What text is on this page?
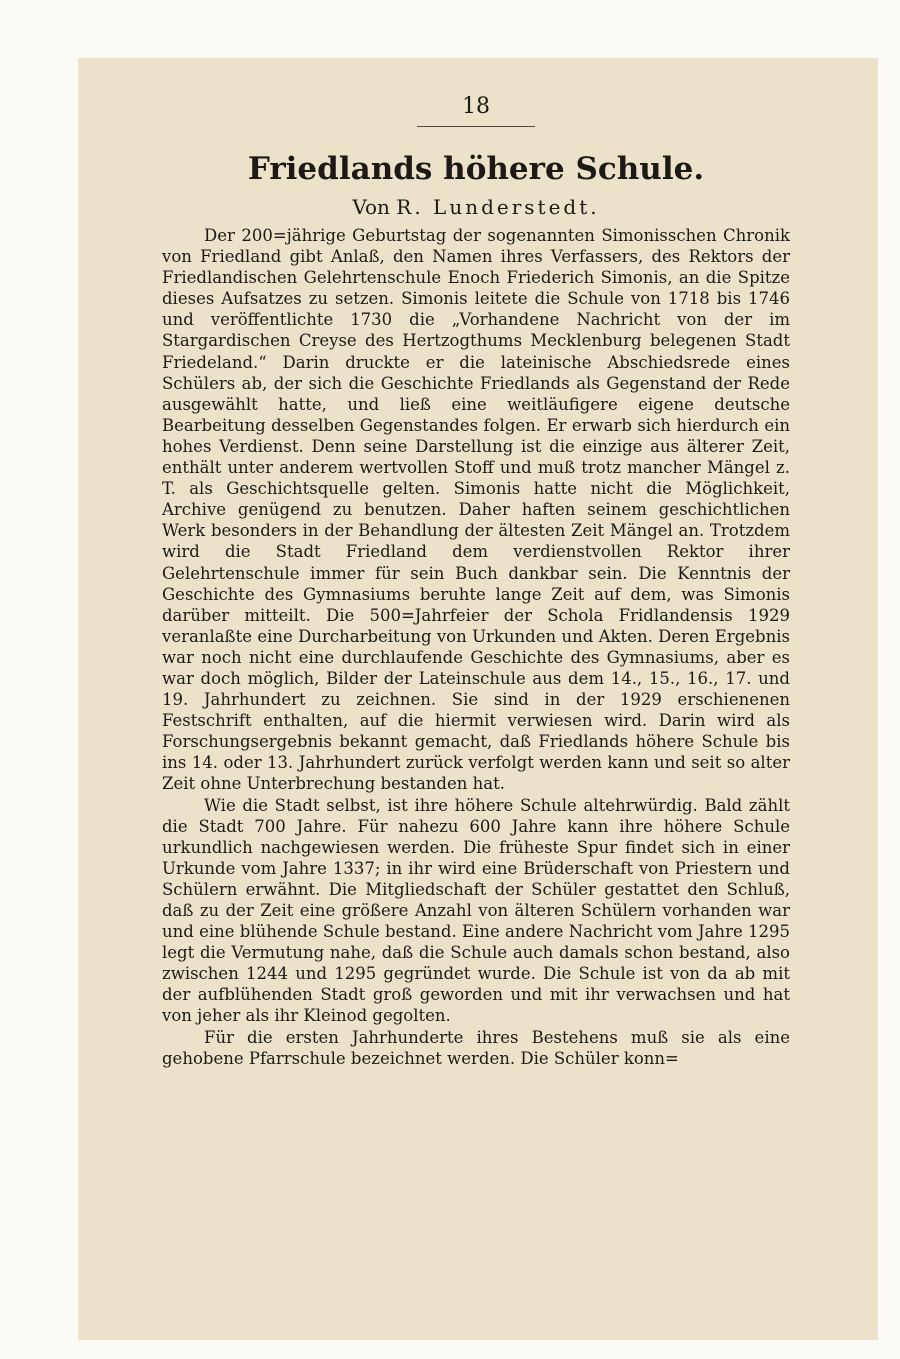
18

Friedlands höhere Schule.

Von R. Lunderstedt.

Der 200=jährige Geburtstag der sogenannten Simonisschen Chronik von Friedland gibt Anlaß, den Namen ihres Verfassers, des Rektors der Friedlandischen Gelehrtenschule Enoch Friederich Simonis, an die Spitze dieses Aufsatzes zu setzen. Simonis leitete die Schule von 1718 bis 1746 und veröffentlichte 1730 die „Vorhandene Nachricht von der im Stargardischen Creyse des Hertzogthums Mecklenburg belegenen Stadt Friedeland.“ Darin druckte er die lateinische Abschiedsrede eines Schülers ab, der sich die Geschichte Friedlands als Gegenstand der Rede ausgewählt hatte, und ließ eine weitläufigere eigene deutsche Bearbeitung desselben Gegenstandes folgen. Er erwarb sich hierdurch ein hohes Verdienst. Denn seine Darstellung ist die einzige aus älterer Zeit, enthält unter anderem wertvollen Stoff und muß trotz mancher Mängel z. T. als Geschichtsquelle gelten. Simonis hatte nicht die Möglichkeit, Archive genügend zu benutzen. Daher haften seinem geschichtlichen Werk besonders in der Behandlung der ältesten Zeit Mängel an. Trotzdem wird die Stadt Friedland dem verdienstvollen Rektor ihrer Gelehrtenschule immer für sein Buch dankbar sein. Die Kenntnis der Geschichte des Gymnasiums beruhte lange Zeit auf dem, was Simonis darüber mitteilt. Die 500=Jahrfeier der Schola Fridlandensis 1929 veranlaßte eine Durcharbeitung von Urkunden und Akten. Deren Ergebnis war noch nicht eine durchlaufende Geschichte des Gymnasiums, aber es war doch möglich, Bilder der Lateinschule aus dem 14., 15., 16., 17. und 19. Jahrhundert zu zeichnen. Sie sind in der 1929 erschienenen Festschrift enthalten, auf die hiermit verwiesen wird. Darin wird als Forschungsergebnis bekannt gemacht, daß Friedlands höhere Schule bis ins 14. oder 13. Jahrhundert zurück verfolgt werden kann und seit so alter Zeit ohne Unterbrechung bestanden hat.

Wie die Stadt selbst, ist ihre höhere Schule altehrwürdig. Bald zählt die Stadt 700 Jahre. Für nahezu 600 Jahre kann ihre höhere Schule urkundlich nachgewiesen werden. Die früheste Spur findet sich in einer Urkunde vom Jahre 1337; in ihr wird eine Brüderschaft von Priestern und Schülern erwähnt. Die Mitgliedschaft der Schüler gestattet den Schluß, daß zu der Zeit eine größere Anzahl von älteren Schülern vorhanden war und eine blühende Schule bestand. Eine andere Nachricht vom Jahre 1295 legt die Vermutung nahe, daß die Schule auch damals schon bestand, also zwischen 1244 und 1295 gegründet wurde. Die Schule ist von da ab mit der aufblühenden Stadt groß geworden und mit ihr verwachsen und hat von jeher als ihr Kleinod gegolten.

Für die ersten Jahrhunderte ihres Bestehens muß sie als eine gehobene Pfarrschule bezeichnet werden. Die Schüler konn=
